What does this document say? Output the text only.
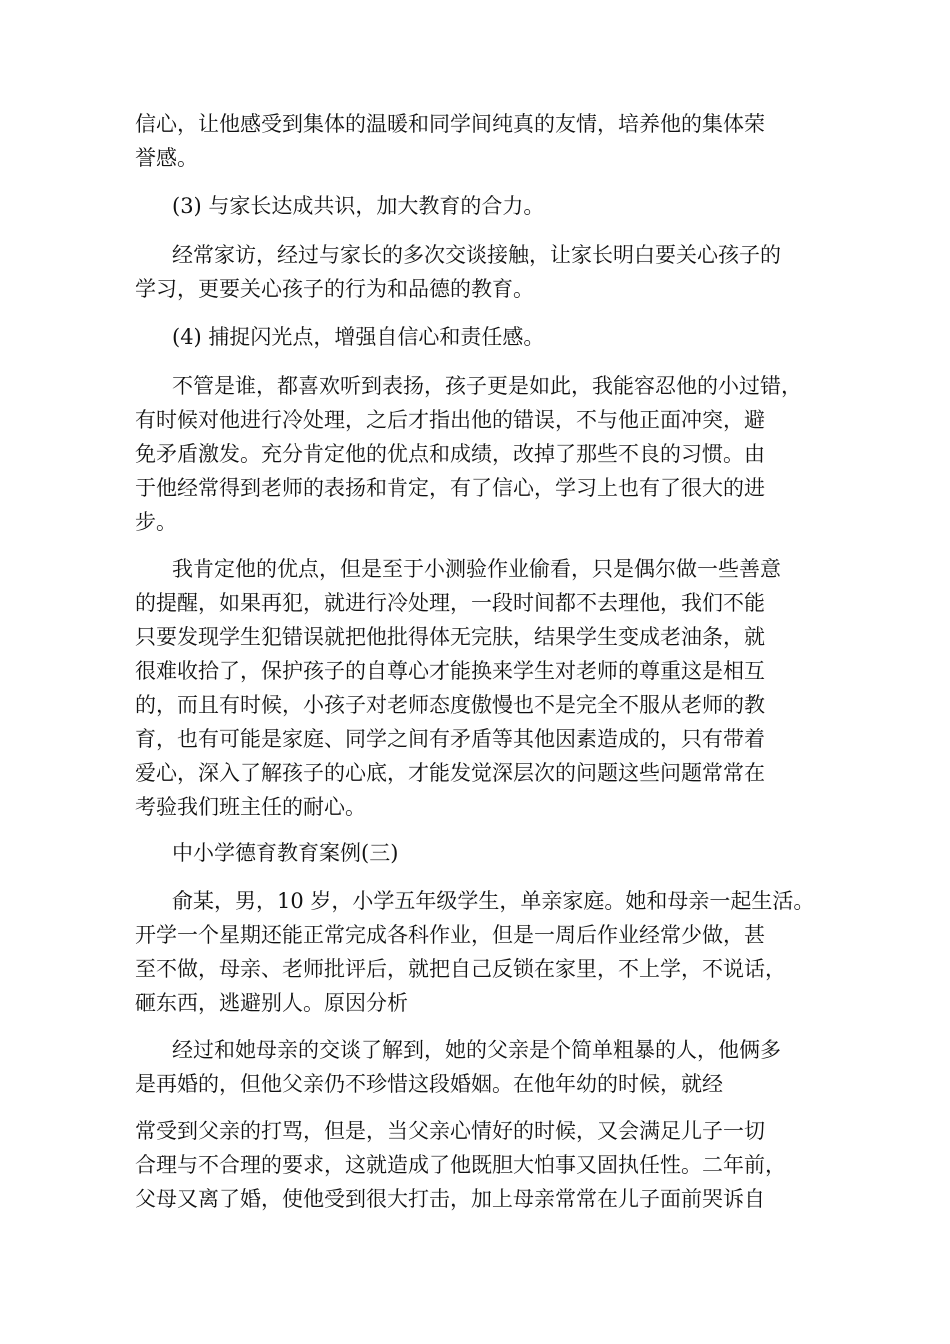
信心，让他感受到集体的温暖和同学间纯真的友情，培养他的集体荣
誉感。

(3) 与家长达成共识，加大教育的合力。

经常家访，经过与家长的多次交谈接触，让家长明白要关心孩子的
学习，更要关心孩子的行为和品德的教育。

(4) 捕捉闪光点，增强自信心和责任感。

不管是谁，都喜欢听到表扬，孩子更是如此，我能容忍他的小过错，
有时候对他进行冷处理，之后才指出他的错误，不与他正面冲突，避
免矛盾激发。充分肯定他的优点和成绩，改掉了那些不良的习惯。由
于他经常得到老师的表扬和肯定，有了信心，学习上也有了很大的进
步。

我肯定他的优点，但是至于小测验作业偷看，只是偶尔做一些善意
的提醒，如果再犯，就进行冷处理，一段时间都不去理他，我们不能
只要发现学生犯错误就把他批得体无完肤，结果学生变成老油条，就
很难收拾了，保护孩子的自尊心才能换来学生对老师的尊重这是相互
的，而且有时候，小孩子对老师态度傲慢也不是完全不服从老师的教
育，也有可能是家庭、同学之间有矛盾等其他因素造成的，只有带着
爱心，深入了解孩子的心底，才能发觉深层次的问题这些问题常常在
考验我们班主任的耐心。

中小学德育教育案例(三)

俞某，男，10 岁，小学五年级学生，单亲家庭。她和母亲一起生活。
开学一个星期还能正常完成各科作业，但是一周后作业经常少做，甚
至不做，母亲、老师批评后，就把自己反锁在家里，不上学，不说话，
砸东西，逃避别人。原因分析

经过和她母亲的交谈了解到，她的父亲是个简单粗暴的人，他俩多
是再婚的，但他父亲仍不珍惜这段婚姻。在他年幼的时候，就经

常受到父亲的打骂，但是，当父亲心情好的时候，又会满足儿子一切
合理与不合理的要求，这就造成了他既胆大怕事又固执任性。二年前，
父母又离了婚，使他受到很大打击，加上母亲常常在儿子面前哭诉自
